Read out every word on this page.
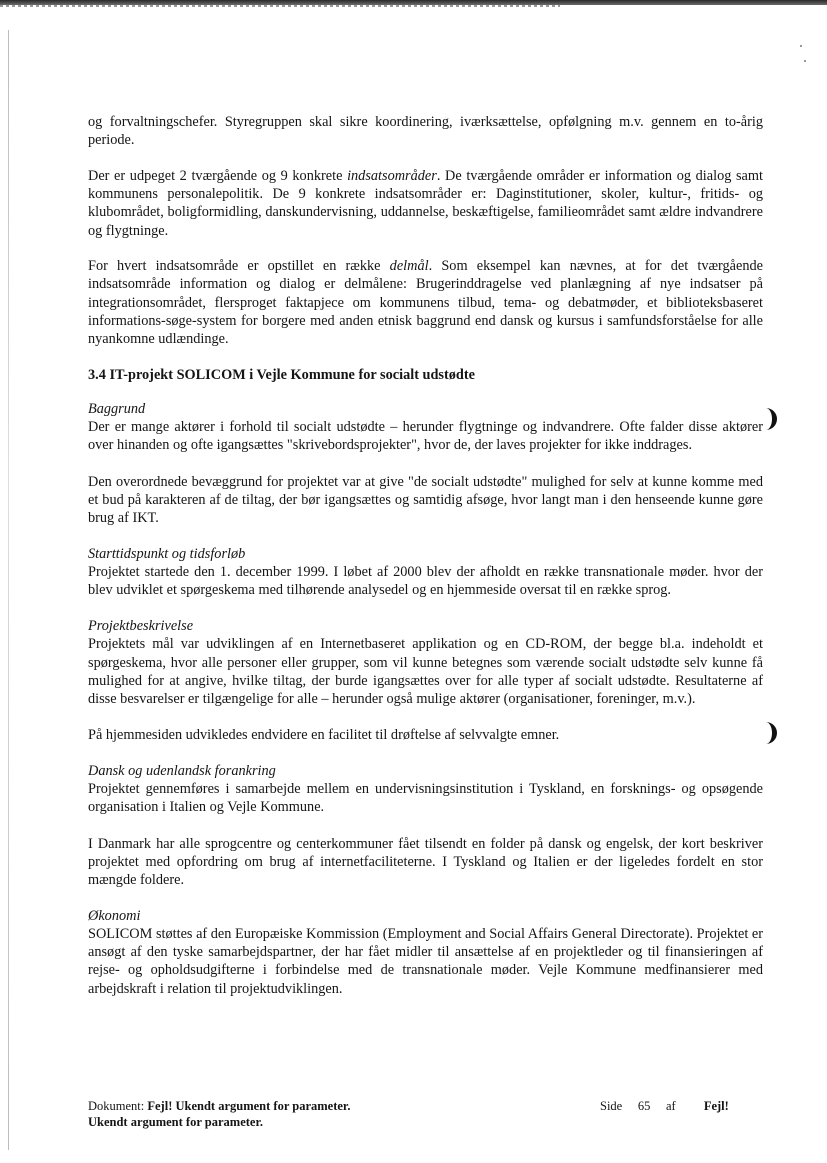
og forvaltningschefer. Styregruppen skal sikre koordinering, iværksættelse, opfølgning m.v. gennem en to-årig periode.

Der er udpeget 2 tværgående og 9 konkrete indsatsområder. De tværgående områder er information og dialog samt kommunens personalepolitik. De 9 konkrete indsatsområder er: Daginstitutioner, skoler, kultur-, fritids- og klubområdet, boligformidling, danskundervisning, uddannelse, beskæftigelse, familieområdet samt ældre indvandrere og flygtninge.

For hvert indsatsområde er opstillet en række delmål. Som eksempel kan nævnes, at for det tværgående indsatsområde information og dialog er delmålene: Brugerinddragelse ved planlægning af nye indsatser på integrationsområdet, flersproget faktapjece om kommunens tilbud, tema- og debatmøder, et biblioteksbaseret informations-søge-system for borgere med anden etnisk baggrund end dansk og kursus i samfundsforståelse for alle nyankomne udlændinge.

3.4 IT-projekt SOLICOM i Vejle Kommune for socialt udstødte

Baggrund
Der er mange aktører i forhold til socialt udstødte – herunder flygtninge og indvandrere. Ofte falder disse aktører over hinanden og ofte igangsættes "skrivebordsprojekter", hvor de, der laves projekter for ikke inddrages.

Den overordnede bevæggrund for projektet var at give "de socialt udstødte" mulighed for selv at kunne komme med et bud på karakteren af de tiltag, der bør igangsættes og samtidig afsøge, hvor langt man i den henseende kunne gøre brug af IKT.

Starttidspunkt og tidsforløb
Projektet startede den 1. december 1999. I løbet af 2000 blev der afholdt en række transnationale møder. hvor der blev udviklet et spørgeskema med tilhørende analysedel og en hjemmeside oversat til en række sprog.

Projektbeskrivelse
Projektets mål var udviklingen af en Internetbaseret applikation og en CD-ROM, der begge bl.a. indeholdt et spørgeskema, hvor alle personer eller grupper, som vil kunne betegnes som værende socialt udstødte selv kunne få mulighed for at angive, hvilke tiltag, der burde igangsættes over for alle typer af socialt udstødte. Resultaterne af disse besvarelser er tilgængelige for alle – herunder også mulige aktører (organisationer, foreninger, m.v.).

På hjemmesiden udvikledes endvidere en facilitet til drøftelse af selvvalgte emner.

Dansk og udenlandsk forankring
Projektet gennemføres i samarbejde mellem en undervisningsinstitution i Tyskland, en forsknings- og opsøgende organisation i Italien og Vejle Kommune.

I Danmark har alle sprogcentre og centerkommuner fået tilsendt en folder på dansk og engelsk, der kort beskriver projektet med opfordring om brug af internetfaciliteterne. I Tyskland og Italien er der ligeledes fordelt en stor mængde foldere.

Økonomi
SOLICOM støttes af den Europæiske Kommission (Employment and Social Affairs General Directorate). Projektet er ansøgt af den tyske samarbejdspartner, der har fået midler til ansættelse af en projektleder og til finansieringen af rejse- og opholdsudgifterne i forbindelse med de transnationale møder. Vejle Kommune medfinansierer med arbejdskraft i relation til projektudviklingen.

Dokument: Fejl! Ukendt argument for parameter.
Ukendt argument for parameter.
Side 65 af Fejl!
